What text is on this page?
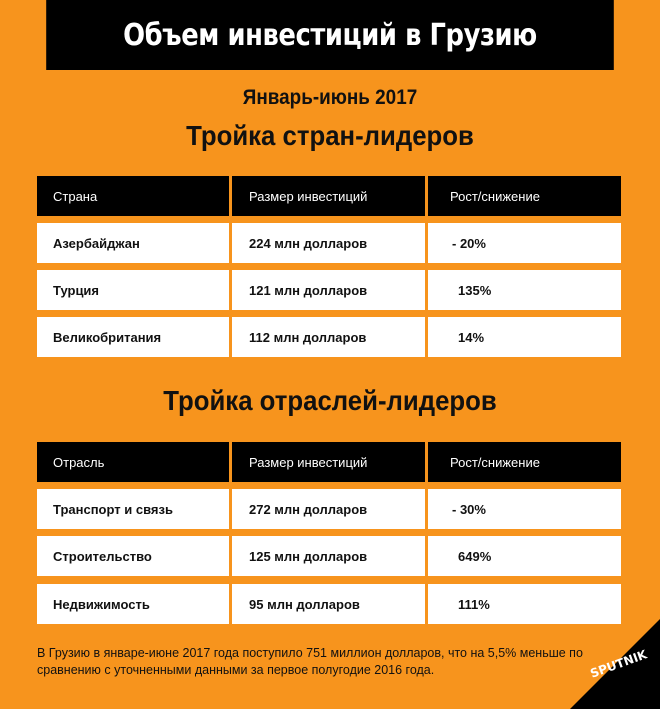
Объем инвестиций в Грузию
Январь-июнь 2017
Тройка стран-лидеров
Страна	Размер инвестиций	Рост/снижение
Азербайджан	224 млн долларов	- 20%
Турция	121 млн долларов	135%
Великобритания	112 млн долларов	14%
Тройка отраслей-лидеров
Отрасль	Размер инвестиций	Рост/снижение
Транспорт и связь	272 млн долларов	- 30%
Строительство	125 млн долларов	649%
Недвижимость	95 млн долларов	111%
В Грузию в январе-июне 2017 года поступило 751 миллион долларов, что на 5,5% меньше по сравнению с уточненными данными за первое полугодие 2016 года.	SPUTNIK
